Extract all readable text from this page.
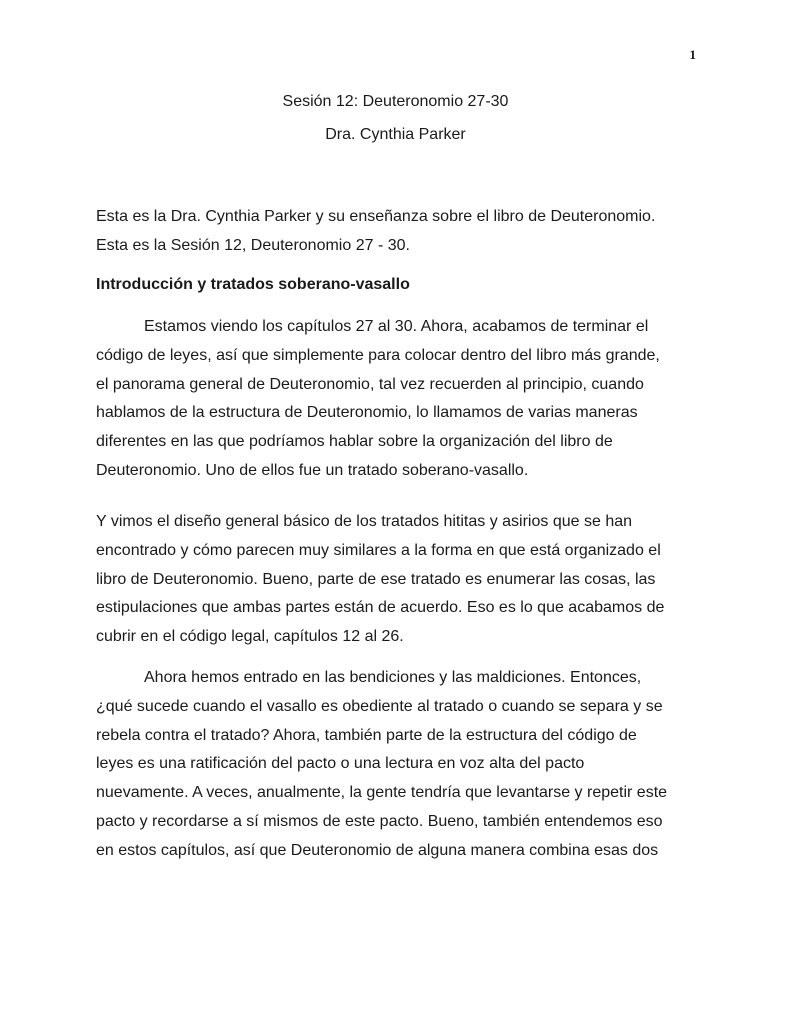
1
Sesión 12: Deuteronomio 27-30
Dra. Cynthia Parker
Esta es la Dra. Cynthia Parker y su enseñanza sobre el libro de Deuteronomio.
Esta es la Sesión 12, Deuteronomio 27 - 30.
Introducción y tratados soberano-vasallo
Estamos viendo los capítulos 27 al 30. Ahora, acabamos de terminar el
código de leyes, así que simplemente para colocar dentro del libro más grande,
el panorama general de Deuteronomio, tal vez recuerden al principio, cuando
hablamos de la estructura de Deuteronomio, lo llamamos de varias maneras
diferentes en las que podríamos hablar sobre la organización del libro de
Deuteronomio. Uno de ellos fue un tratado soberano-vasallo.
Y vimos el diseño general básico de los tratados hititas y asirios que se han
encontrado y cómo parecen muy similares a la forma en que está organizado el
libro de Deuteronomio. Bueno, parte de ese tratado es enumerar las cosas, las
estipulaciones que ambas partes están de acuerdo. Eso es lo que acabamos de
cubrir en el código legal, capítulos 12 al 26.
Ahora hemos entrado en las bendiciones y las maldiciones. Entonces,
¿qué sucede cuando el vasallo es obediente al tratado o cuando se separa y se
rebela contra el tratado? Ahora, también parte de la estructura del código de
leyes es una ratificación del pacto o una lectura en voz alta del pacto
nuevamente. A veces, anualmente, la gente tendría que levantarse y repetir este
pacto y recordarse a sí mismos de este pacto. Bueno, también entendemos eso
en estos capítulos, así que Deuteronomio de alguna manera combina esas dos
